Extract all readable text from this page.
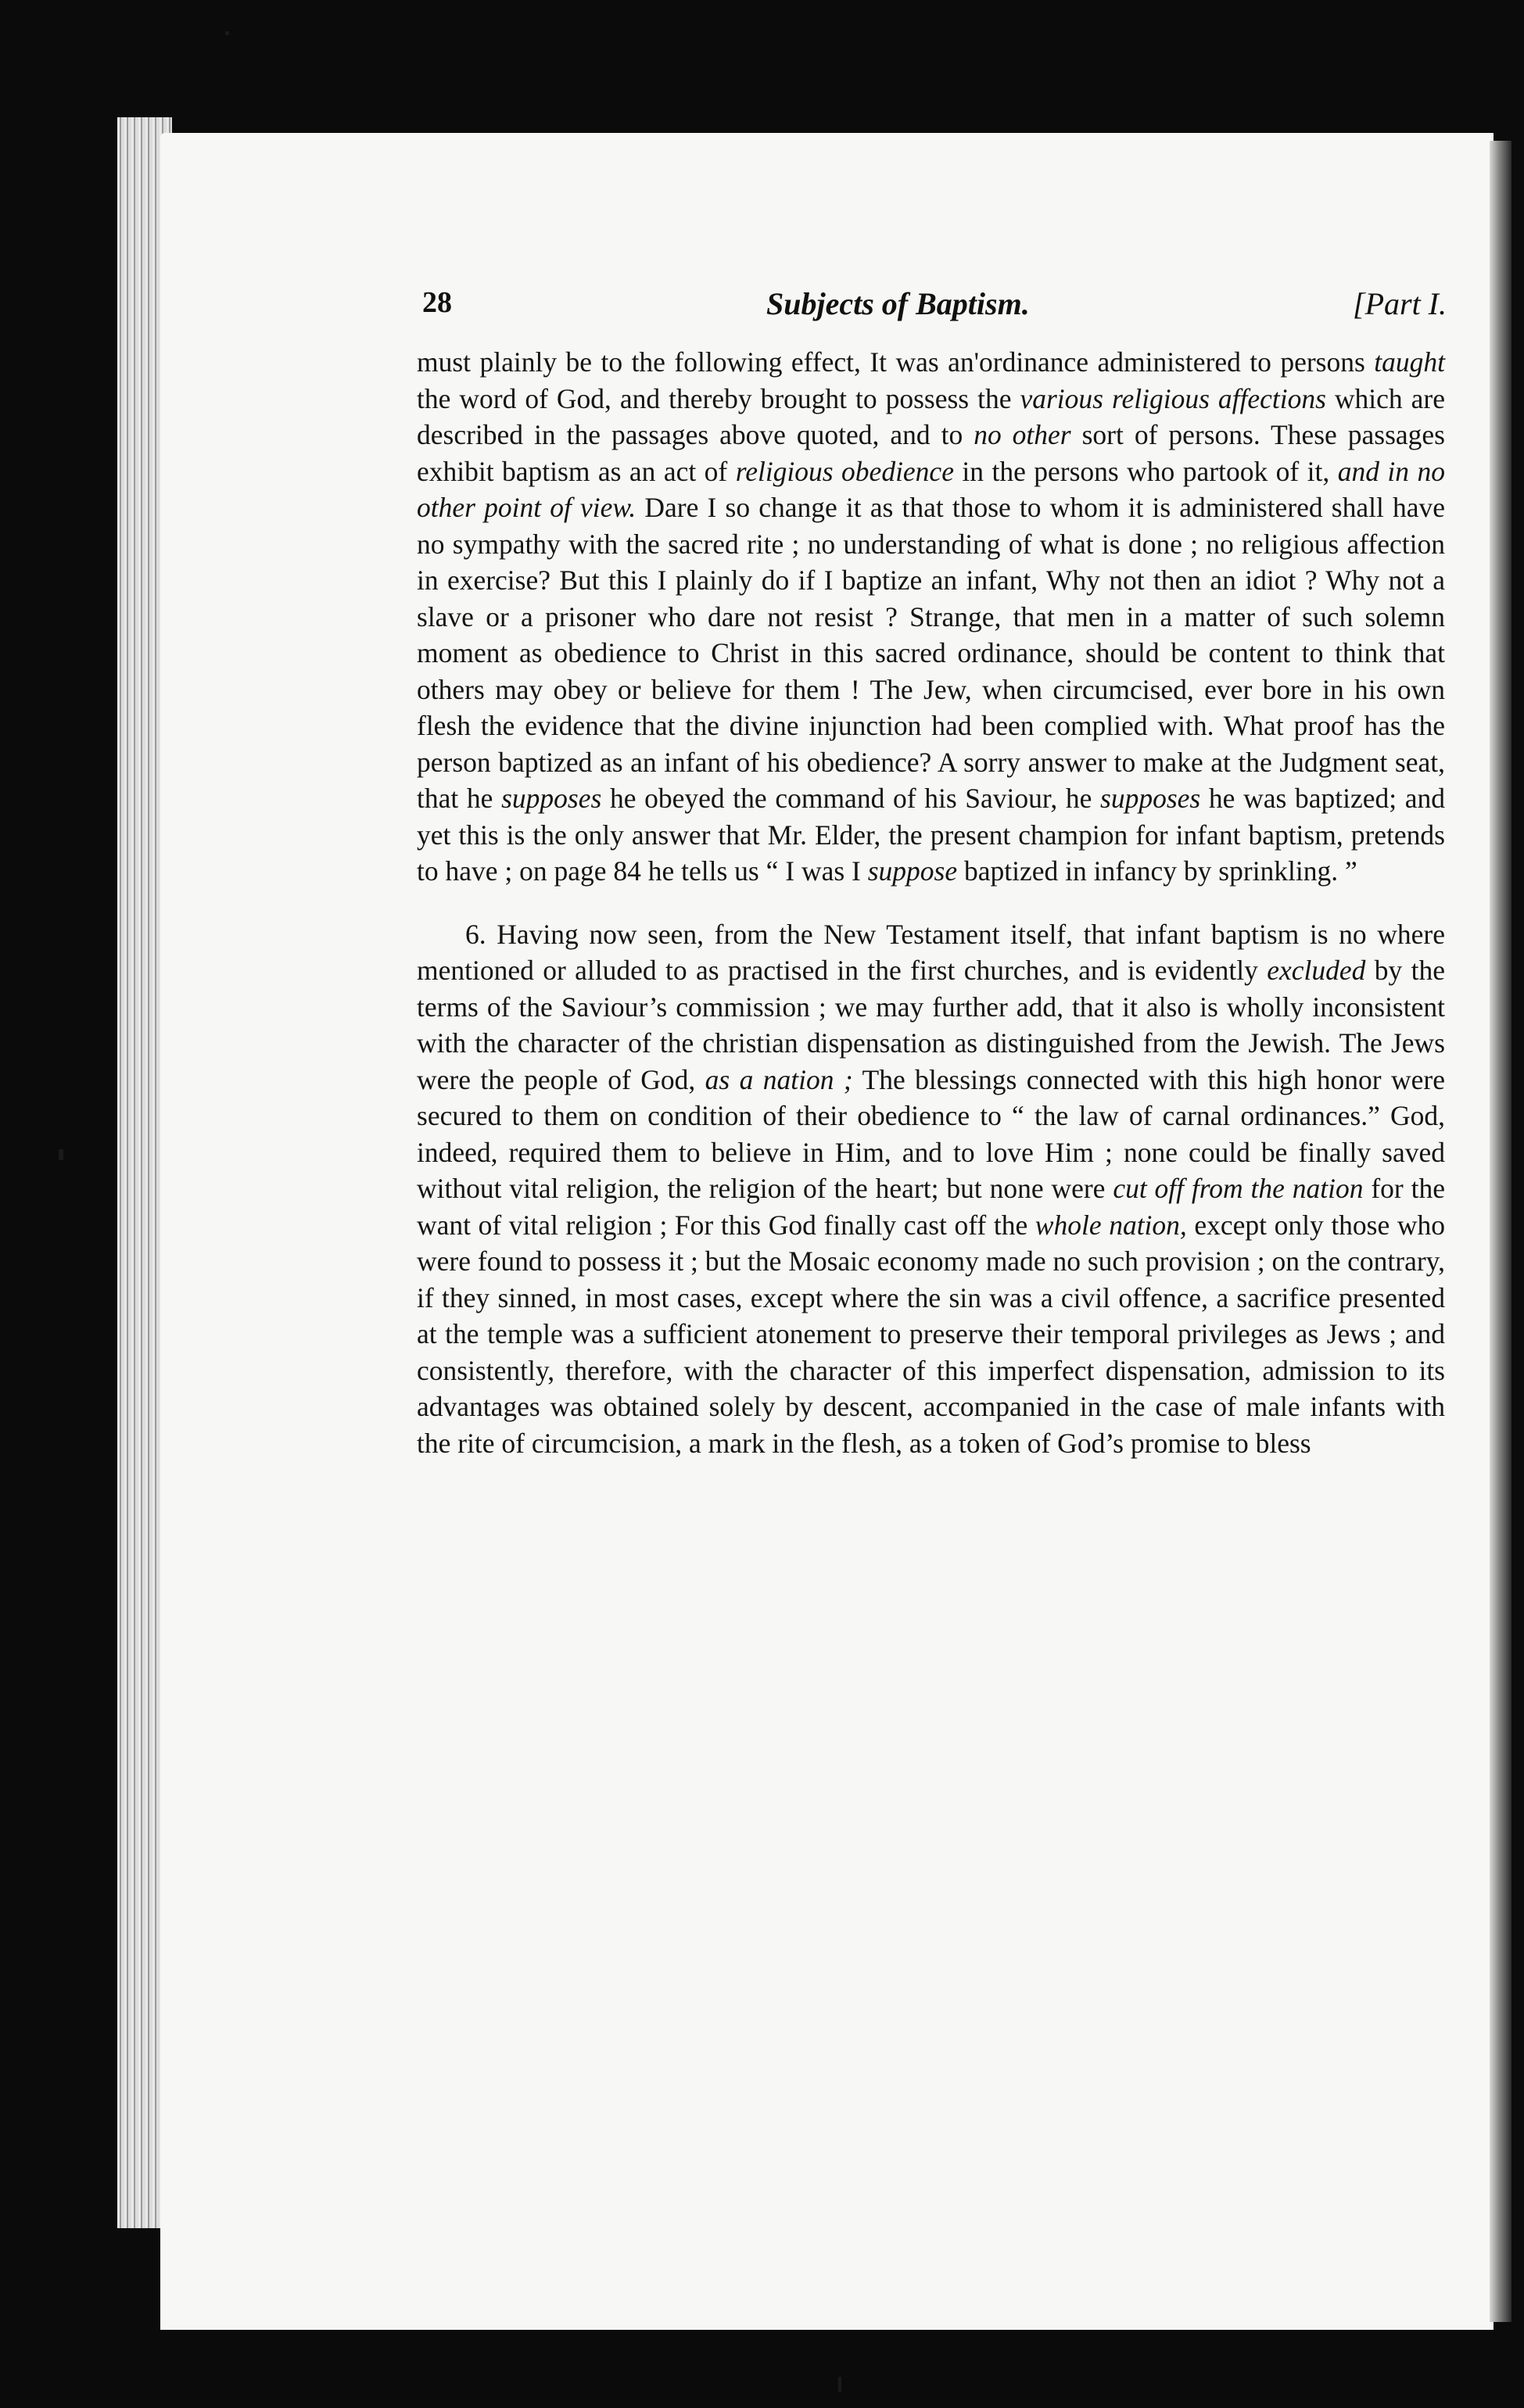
28	Subjects of Baptism.	[Part I.

must plainly be to the following effect, It was an'ordinance administered to persons taught the word of God, and thereby brought to possess the various religious affections which are described in the passages above quoted, and to no other sort of persons. These passages exhibit baptism as an act of religious obedience in the persons who partook of it, and in no other point of view. Dare I so change it as that those to whom it is administered shall have no sympathy with the sacred rite ; no understanding of what is done ; no religious affection in exercise? But this I plainly do if I baptize an infant, Why not then an idiot ? Why not a slave or a prisoner who dare not resist ? Strange, that men in a matter of such solemn moment as obedience to Christ in this sacred ordinance, should be content to think that others may obey or believe for them ! The Jew, when circumcised, ever bore in his own flesh the evidence that the divine injunction had been complied with. What proof has the person baptized as an infant of his obedience? A sorry answer to make at the Judgment seat, that he supposes he obeyed the command of his Saviour, he supposes he was baptized; and yet this is the only answer that Mr. Elder, the present champion for infant baptism, pretends to have ; on page 84 he tells us “ I was I suppose baptized in infancy by sprinkling. ”

6. Having now seen, from the New Testament itself, that infant baptism is no where mentioned or alluded to as practised in the first churches, and is evidently excluded by the terms of the Saviour’s commission ; we may further add, that it also is wholly inconsistent with the character of the christian dispensation as distinguished from the Jewish. The Jews were the people of God, as a nation ; The blessings connected with this high honor were secured to them on condition of their obedience to “ the law of carnal ordinances.” God, indeed, required them to believe in Him, and to love Him ; none could be finally saved without vital religion, the religion of the heart; but none were cut off from the nation for the want of vital religion ; For this God finally cast off the whole nation, except only those who were found to possess it ; but the Mosaic economy made no such provision ; on the contrary, if they sinned, in most cases, except where the sin was a civil offence, a sacrifice presented at the temple was a sufficient atonement to preserve their temporal privileges as Jews ; and consistently, therefore, with the character of this imperfect dispensation, admission to its advantages was obtained solely by descent, accompanied in the case of male infants with the rite of circumcision, a mark in the flesh, as a token of God’s promise to bless
